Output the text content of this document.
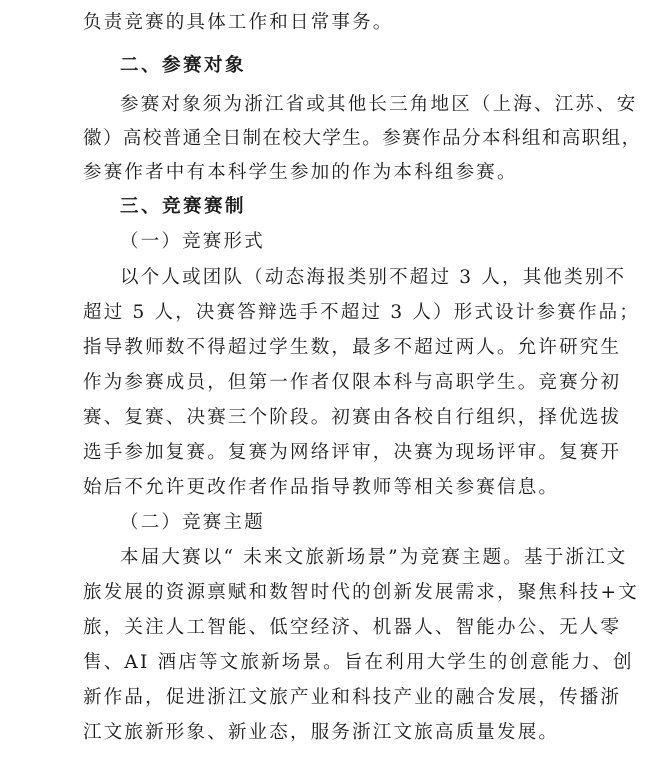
负责竞赛的具体工作和日常事务。
二、参赛对象
参赛对象须为浙江省或其他长三角地区（上海、江苏、安
徽）高校普通全日制在校大学生。参赛作品分本科组和高职组，
参赛作者中有本科学生参加的作为本科组参赛。
三、竞赛赛制
（一）竞赛形式
以个人或团队（动态海报类别不超过 3 人，其他类别不
超过 5 人，决赛答辩选手不超过 3 人）形式设计参赛作品；
指导教师数不得超过学生数，最多不超过两人。允许研究生
作为参赛成员，但第一作者仅限本科与高职学生。竞赛分初
赛、复赛、决赛三个阶段。初赛由各校自行组织，择优选拔
选手参加复赛。复赛为网络评审，决赛为现场评审。复赛开
始后不允许更改作者作品指导教师等相关参赛信息。
（二）竞赛主题
本届大赛以“ 未来文旅新场景”为竞赛主题。基于浙江文
旅发展的资源禀赋和数智时代的创新发展需求，聚焦科技+文
旅，关注人工智能、低空经济、机器人、智能办公、无人零
售、AI 酒店等文旅新场景。旨在利用大学生的创意能力、创
新作品，促进浙江文旅产业和科技产业的融合发展，传播浙
江文旅新形象、新业态，服务浙江文旅高质量发展。
